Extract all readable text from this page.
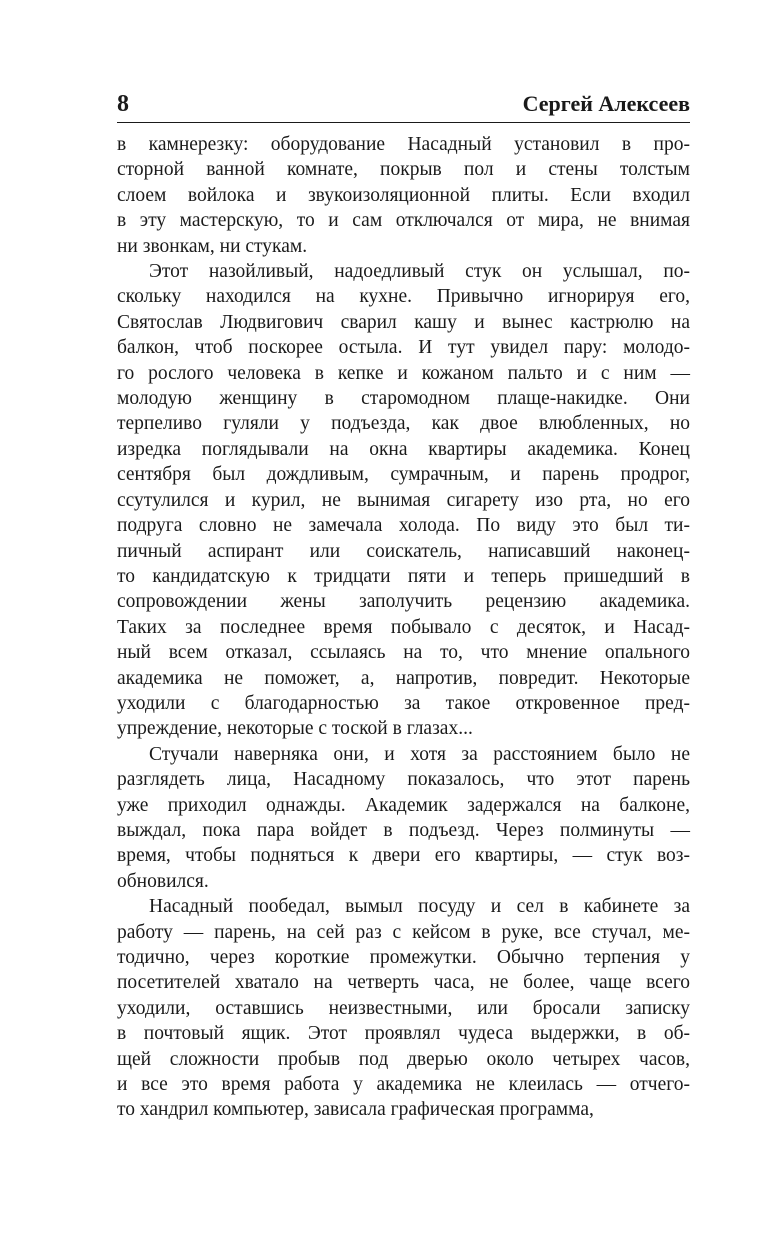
8	Сергей Алексеев

в камнерезку: оборудование Насадный установил в про-
сторной ванной комнате, покрыв пол и стены толстым
слоем войлока и звукоизоляционной плиты. Если входил
в эту мастерскую, то и сам отключался от мира, не внимая
ни звонкам, ни стукам.

Этот назойливый, надоедливый стук он услышал, по-
скольку находился на кухне. Привычно игнорируя его,
Святослав Людвигович сварил кашу и вынес кастрюлю на
балкон, чтоб поскорее остыла. И тут увидел пару: молодо-
го рослого человека в кепке и кожаном пальто и с ним —
молодую женщину в старомодном плаще-накидке. Они
терпеливо гуляли у подъезда, как двое влюбленных, но
изредка поглядывали на окна квартиры академика. Конец
сентября был дождливым, сумрачным, и парень продрог,
ссутулился и курил, не вынимая сигарету изо рта, но его
подруга словно не замечала холода. По виду это был ти-
пичный аспирант или соискатель, написавший наконец-
то кандидатскую к тридцати пяти и теперь пришедший в
сопровождении жены заполучить рецензию академика.
Таких за последнее время побывало с десяток, и Насад-
ный всем отказал, ссылаясь на то, что мнение опального
академика не поможет, а, напротив, повредит. Некоторые
уходили с благодарностью за такое откровенное пред-
упреждение, некоторые с тоской в глазах...

Стучали наверняка они, и хотя за расстоянием было не
разглядеть лица, Насадному показалось, что этот парень
уже приходил однажды. Академик задержался на балконе,
выждал, пока пара войдет в подъезд. Через полминуты —
время, чтобы подняться к двери его квартиры, — стук воз-
обновился.

Насадный пообедал, вымыл посуду и сел в кабинете за
работу — парень, на сей раз с кейсом в руке, все стучал, ме-
тодично, через короткие промежутки. Обычно терпения у
посетителей хватало на четверть часа, не более, чаще всего
уходили, оставшись неизвестными, или бросали записку
в почтовый ящик. Этот проявлял чудеса выдержки, в об-
щей сложности пробыв под дверью около четырех часов,
и все это время работа у академика не клеилась — отчего-
то хандрил компьютер, зависала графическая программа,
